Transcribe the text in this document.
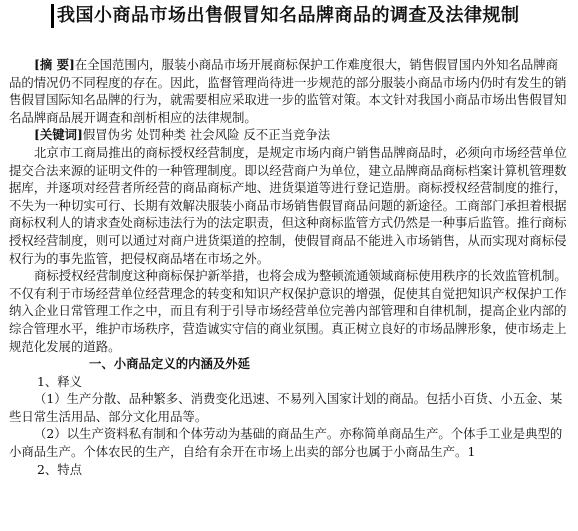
我国小商品市场出售假冒知名品牌商品的调查及法律规制

[摘 要]在全国范围内，服装小商品市场开展商标保护工作难度很大，销售假冒国内外知名品牌商品的情况仍不同程度的存在。因此，监督管理尚待进一步规范的部分服装小商品市场内仍时有发生的销售假冒国际知名品牌的行为，就需要相应采取进一步的监管对策。本文针对我国小商品市场出售假冒知名品牌商品展开调查和剖析相应的法律规制。

[关键词]假冒伪劣 处罚种类 社会风险 反不正当竞争法

北京市工商局推出的商标授权经营制度，是规定市场内商户销售品牌商品时，必须向市场经营单位提交合法来源的证明文件的一种管理制度。即以经营商户为单位，建立品牌商品商标档案计算机管理数据库，并逐项对经营者所经营的商品商标产地、进货渠道等进行登记造册。商标授权经营制度的推行，不失为一种切实可行、长期有效解决服装小商品市场销售假冒商品问题的新途径。工商部门承担着根据商标权利人的请求查处商标违法行为的法定职责，但这种商标监管方式仍然是一种事后监管。推行商标授权经营制度，则可以通过对商户进货渠道的控制，使假冒商品不能进入市场销售，从而实现对商标侵权行为的事先监管，把侵权商品堵在市场之外。

商标授权经营制度这种商标保护新举措，也将会成为整顿流通领域商标使用秩序的长效监管机制。不仅有利于市场经营单位经营理念的转变和知识产权保护意识的增强，促使其自觉把知识产权保护工作纳入企业日常管理工作之中，而且有利于引导市场经营单位完善内部管理和自律机制，提高企业内部的综合管理水平，维护市场秩序，营造诚实守信的商业氛围。真正树立良好的市场品牌形象，使市场走上规范化发展的道路。

一、小商品定义的内涵及外延

1、释义

（1）生产分散、品种繁多、消费变化迅速、不易列入国家计划的商品。包括小百货、小五金、某些日常生活用品、部分文化用品等。

（2）以生产资料私有制和个体劳动为基础的商品生产。亦称简单商品生产。个体手工业是典型的小商品生产。个体农民的生产，自给有余开在市场上出卖的部分也属于小商品生产。1

2、特点
